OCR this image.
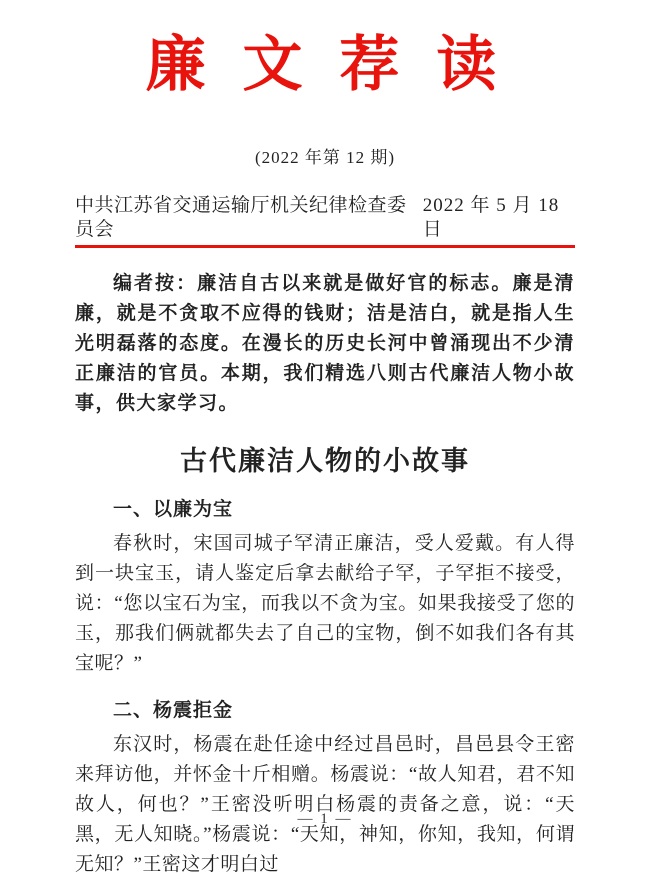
廉 文 荐 读
(2022 年第 12 期)
中共江苏省交通运输厅机关纪律检查委员会
2022 年 5 月 18 日
编者按：廉洁自古以来就是做好官的标志。廉是清廉，就是不贪取不应得的钱财；洁是洁白，就是指人生光明磊落的态度。在漫长的历史长河中曾涌现出不少清正廉洁的官员。本期，我们精选八则古代廉洁人物小故事，供大家学习。
古代廉洁人物的小故事
一、以廉为宝
春秋时，宋国司城子罕清正廉洁，受人爱戴。有人得到一块宝玉，请人鉴定后拿去献给子罕，子罕拒不接受，说：“您以宝石为宝，而我以不贪为宝。如果我接受了您的玉，那我们俩就都失去了自己的宝物，倒不如我们各有其宝呢？”
二、杨震拒金
东汉时，杨震在赴任途中经过昌邑时，昌邑县令王密来拜访他，并怀金十斤相赠。杨震说：“故人知君，君不知故人，何也？”王密没听明白杨震的责备之意，说：“天黑，无人知晓。”杨震说：“天知，神知，你知，我知，何谓无知？”王密这才明白过
— 1 —
